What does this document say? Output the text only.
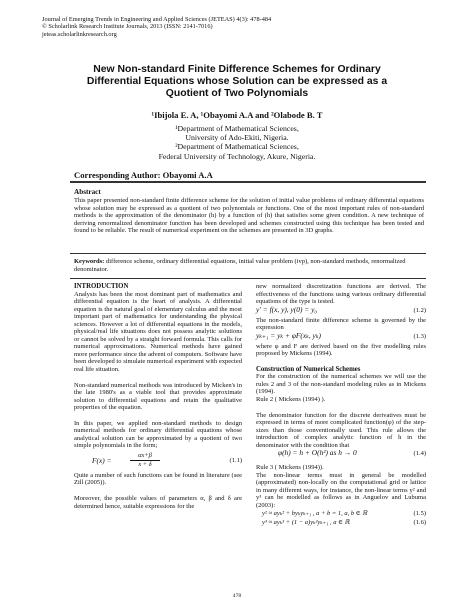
Journal of Emerging Trends in Engineering and Applied Sciences (JETEAS) 4(3): 478-484
© Scholarlink Research Institute Journals, 2013 (ISSN: 2141-7016)
jeteas.scholarlinkresearch.org
New Non-standard Finite Difference Schemes for Ordinary
Differential Equations whose Solution can be expressed as a
Quotient of Two Polynomials
¹Ibijola E. A, ¹Obayomi A.A and ²Olabode B. T
¹Department of Mathematical Sciences,
University of Ado-Ekiti, Nigeria.
²Department of Mathematical Sciences,
Federal University of Technology, Akure, Nigeria.
Corresponding Author: Obayomi A.A
Abstract
This paper presented non-standard finite difference scheme for the solution of initial value problems of ordinary differential equations whose solution may be expressed as a quotient of two polynomials or functions. One of the most important rules of non-standard methods is the approximation of the denominator (h) by a function of (h) that satisfies some given condition. A new technique of deriving renormalized denominator function has been developed and schemes constructed using this technique has been tested and found to be reliable. The result of numerical experiment on the schemes are presented in 3D graphs.
Keywords: difference scheme, ordinary differential equations, initial value problem (ivp), non-standard methods, renormalized denominator.
INTRODUCTION
Analysis has been the most dominant part of mathematics and differential equation is the heart of analysis. A differential equation is the natural goal of elementary calculus and the most important part of mathematics for understanding the physical sciences. However a lot of differential equations in the models, physical/real life situations does not possess analytic solutions or cannot be solved by a straight forward formula. This calls for numerical approximations. Numerical methods have gained more performance since the advent of computers. Software have been developed to simulate numerical experiment with expected real life situation.
Non-standard numerical methods was introduced by Micken's in the late 1980's as a viable tool that provides approximate solution to differential equations and retain the qualitative properties of the equation.
In this paper, we applied non-standard methods to design numerical methods for ordinary differential equations whose analytical solution can be approximated by a quotient of two simple polynomials in the form;
F(x) =	$\frac{\alpha x+\beta}{x + \delta}$	(1.1)
Quite a number of such functions can be found in literature (see Zill (2005)).
Moreover, the possible values of parameters α, β and δ are determined hence, suitable expressions for the
new normalized discretization functions are derived. The effectiveness of the functions using various ordinary differential equations of the type is tested.
y′ = f(x, y), y(0) = y₀	(1.2)
The non-standard finite difference scheme is governed by the expression
yₖ₊₁ = yₖ + φF(xₖ, yₖ)	(1.3)
where φ and F are derived based on the five modelling rules proposed by Mickens (1994).
Construction of Numerical Schemes
For the construction of the numerical schemes we will use the rules 2 and 3 of the non-standard modeling rules as in Mickens (1994).
Rule 2 ( Mickens (1994) ).
The denominator function for the discrete derivatives must be expressed in terms of more complicated function(φ) of the step-sizes than those conventionally used. This rule allows the introduction of complex analytic function of h in the denominator with the condition that
φ(h) = h + O(h²) as h → 0	(1.4)
Rule 3 ( Mickens (1994)).
The non-linear terms must in general be modelled (approximated) non-locally on the computational grid or lattice in many different ways, for instance, the non-linear terms y² and y³ can be modelled as follows as in Anguelov and Lubuma (2003):
y² ≈ ayₖ² + byₖyₖ₊₁ , a + b = 1, a, b ∈ ℝ	(1.5)
y³ ≈ ayₖ³ + (1 − a)yₖ²yₖ₊₁ , a ∈ ℝ	(1.6)
478
